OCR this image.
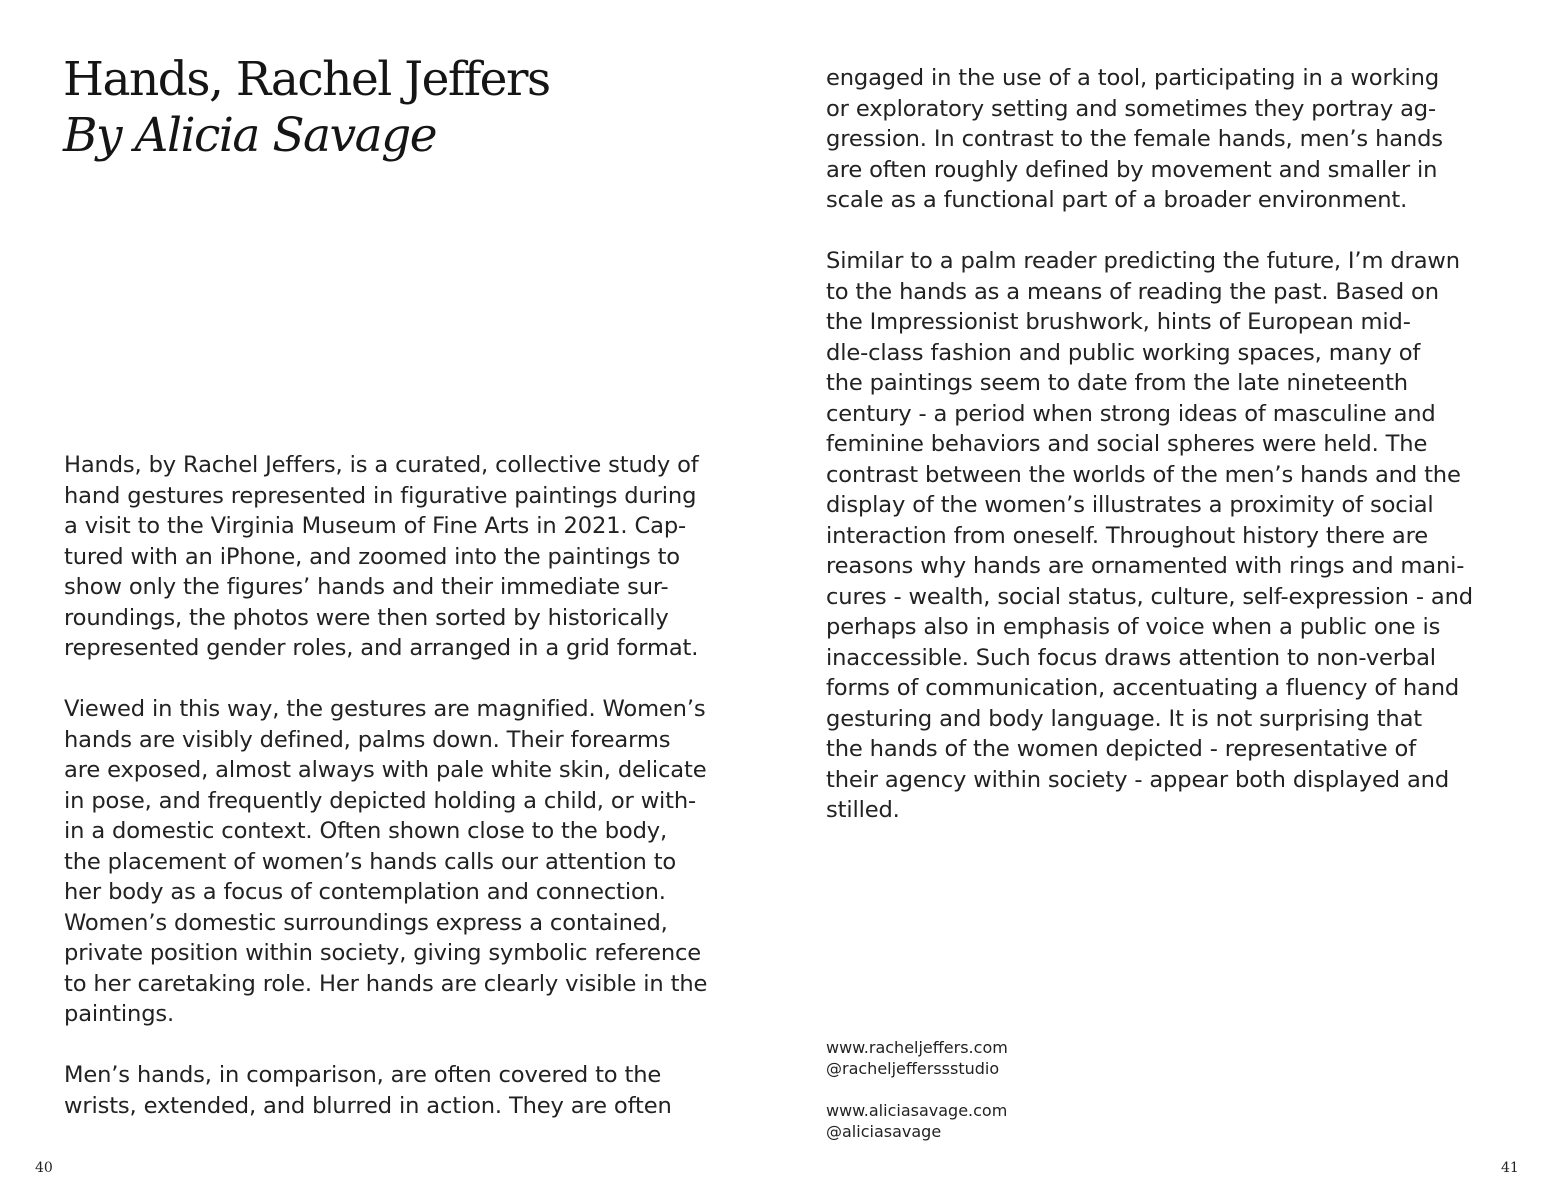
Hands, Rachel Jeffers
By Alicia Savage

Hands, by Rachel Jeffers, is a curated, collective study of
hand gestures represented in figurative paintings during
a visit to the Virginia Museum of Fine Arts in 2021. Cap-
tured with an iPhone, and zoomed into the paintings to
show only the figures’ hands and their immediate sur-
roundings, the photos were then sorted by historically
represented gender roles, and arranged in a grid format.

Viewed in this way, the gestures are magnified. Women’s
hands are visibly defined, palms down. Their forearms
are exposed, almost always with pale white skin, delicate
in pose, and frequently depicted holding a child, or with-
in a domestic context. Often shown close to the body,
the placement of women’s hands calls our attention to
her body as a focus of contemplation and connection.
Women’s domestic surroundings express a contained,
private position within society, giving symbolic reference
to her caretaking role. Her hands are clearly visible in the
paintings.

Men’s hands, in comparison, are often covered to the
wrists, extended, and blurred in action. They are often

40

engaged in the use of a tool, participating in a working
or exploratory setting and sometimes they portray ag-
gression. In contrast to the female hands, men’s hands
are often roughly defined by movement and smaller in
scale as a functional part of a broader environment.

Similar to a palm reader predicting the future, I’m drawn
to the hands as a means of reading the past. Based on
the Impressionist brushwork, hints of European mid-
dle-class fashion and public working spaces, many of
the paintings seem to date from the late nineteenth
century - a period when strong ideas of masculine and
feminine behaviors and social spheres were held. The
contrast between the worlds of the men’s hands and the
display of the women’s illustrates a proximity of social
interaction from oneself. Throughout history there are
reasons why hands are ornamented with rings and mani-
cures - wealth, social status, culture, self-expression - and
perhaps also in emphasis of voice when a public one is
inaccessible. Such focus draws attention to non-verbal
forms of communication, accentuating a fluency of hand
gesturing and body language. It is not surprising that
the hands of the women depicted - representative of
their agency within society - appear both displayed and
stilled.

www.racheljeffers.com
@racheljefferssstudio
www.aliciasavage.com
@aliciasavage
41
